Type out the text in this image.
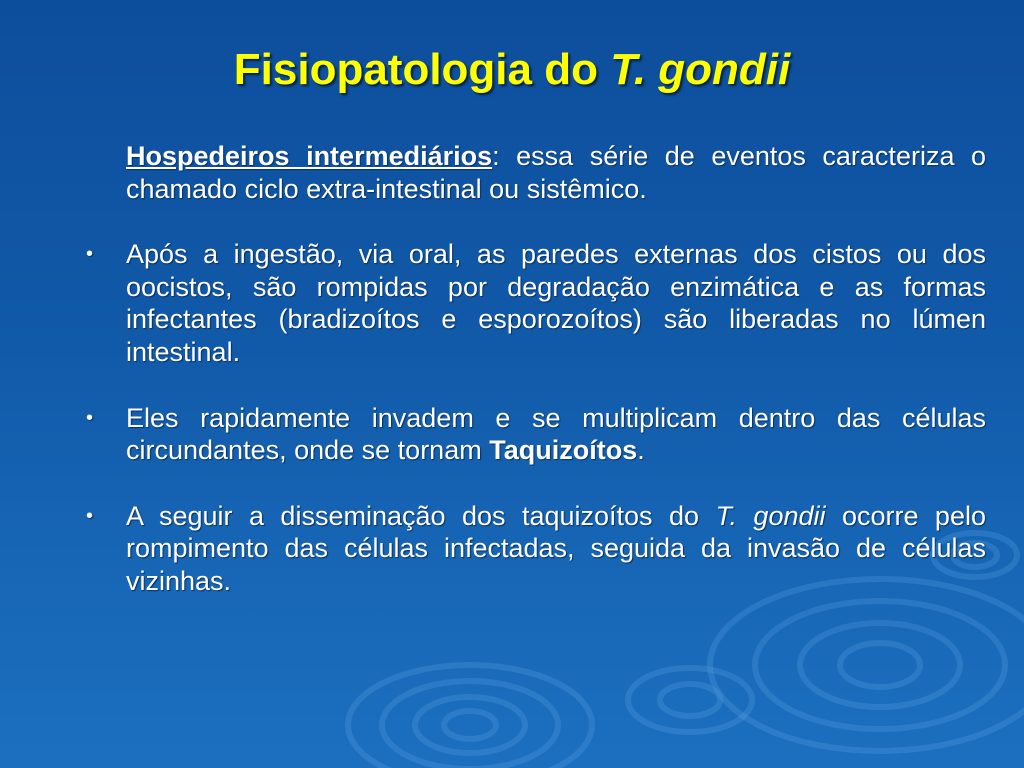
Fisiopatologia do T. gondii

Hospedeiros intermediários: essa série de eventos caracteriza o chamado ciclo extra-intestinal ou sistêmico.

• Após a ingestão, via oral, as paredes externas dos cistos ou dos oocistos, são rompidas por degradação enzimática e as formas infectantes (bradizoítos e esporozoítos) são liberadas no lúmen intestinal.

• Eles rapidamente invadem e se multiplicam dentro das células circundantes, onde se tornam Taquizoítos.

• A seguir a disseminação dos taquizoítos do T. gondii ocorre pelo rompimento das células infectadas, seguida da invasão de células vizinhas.
